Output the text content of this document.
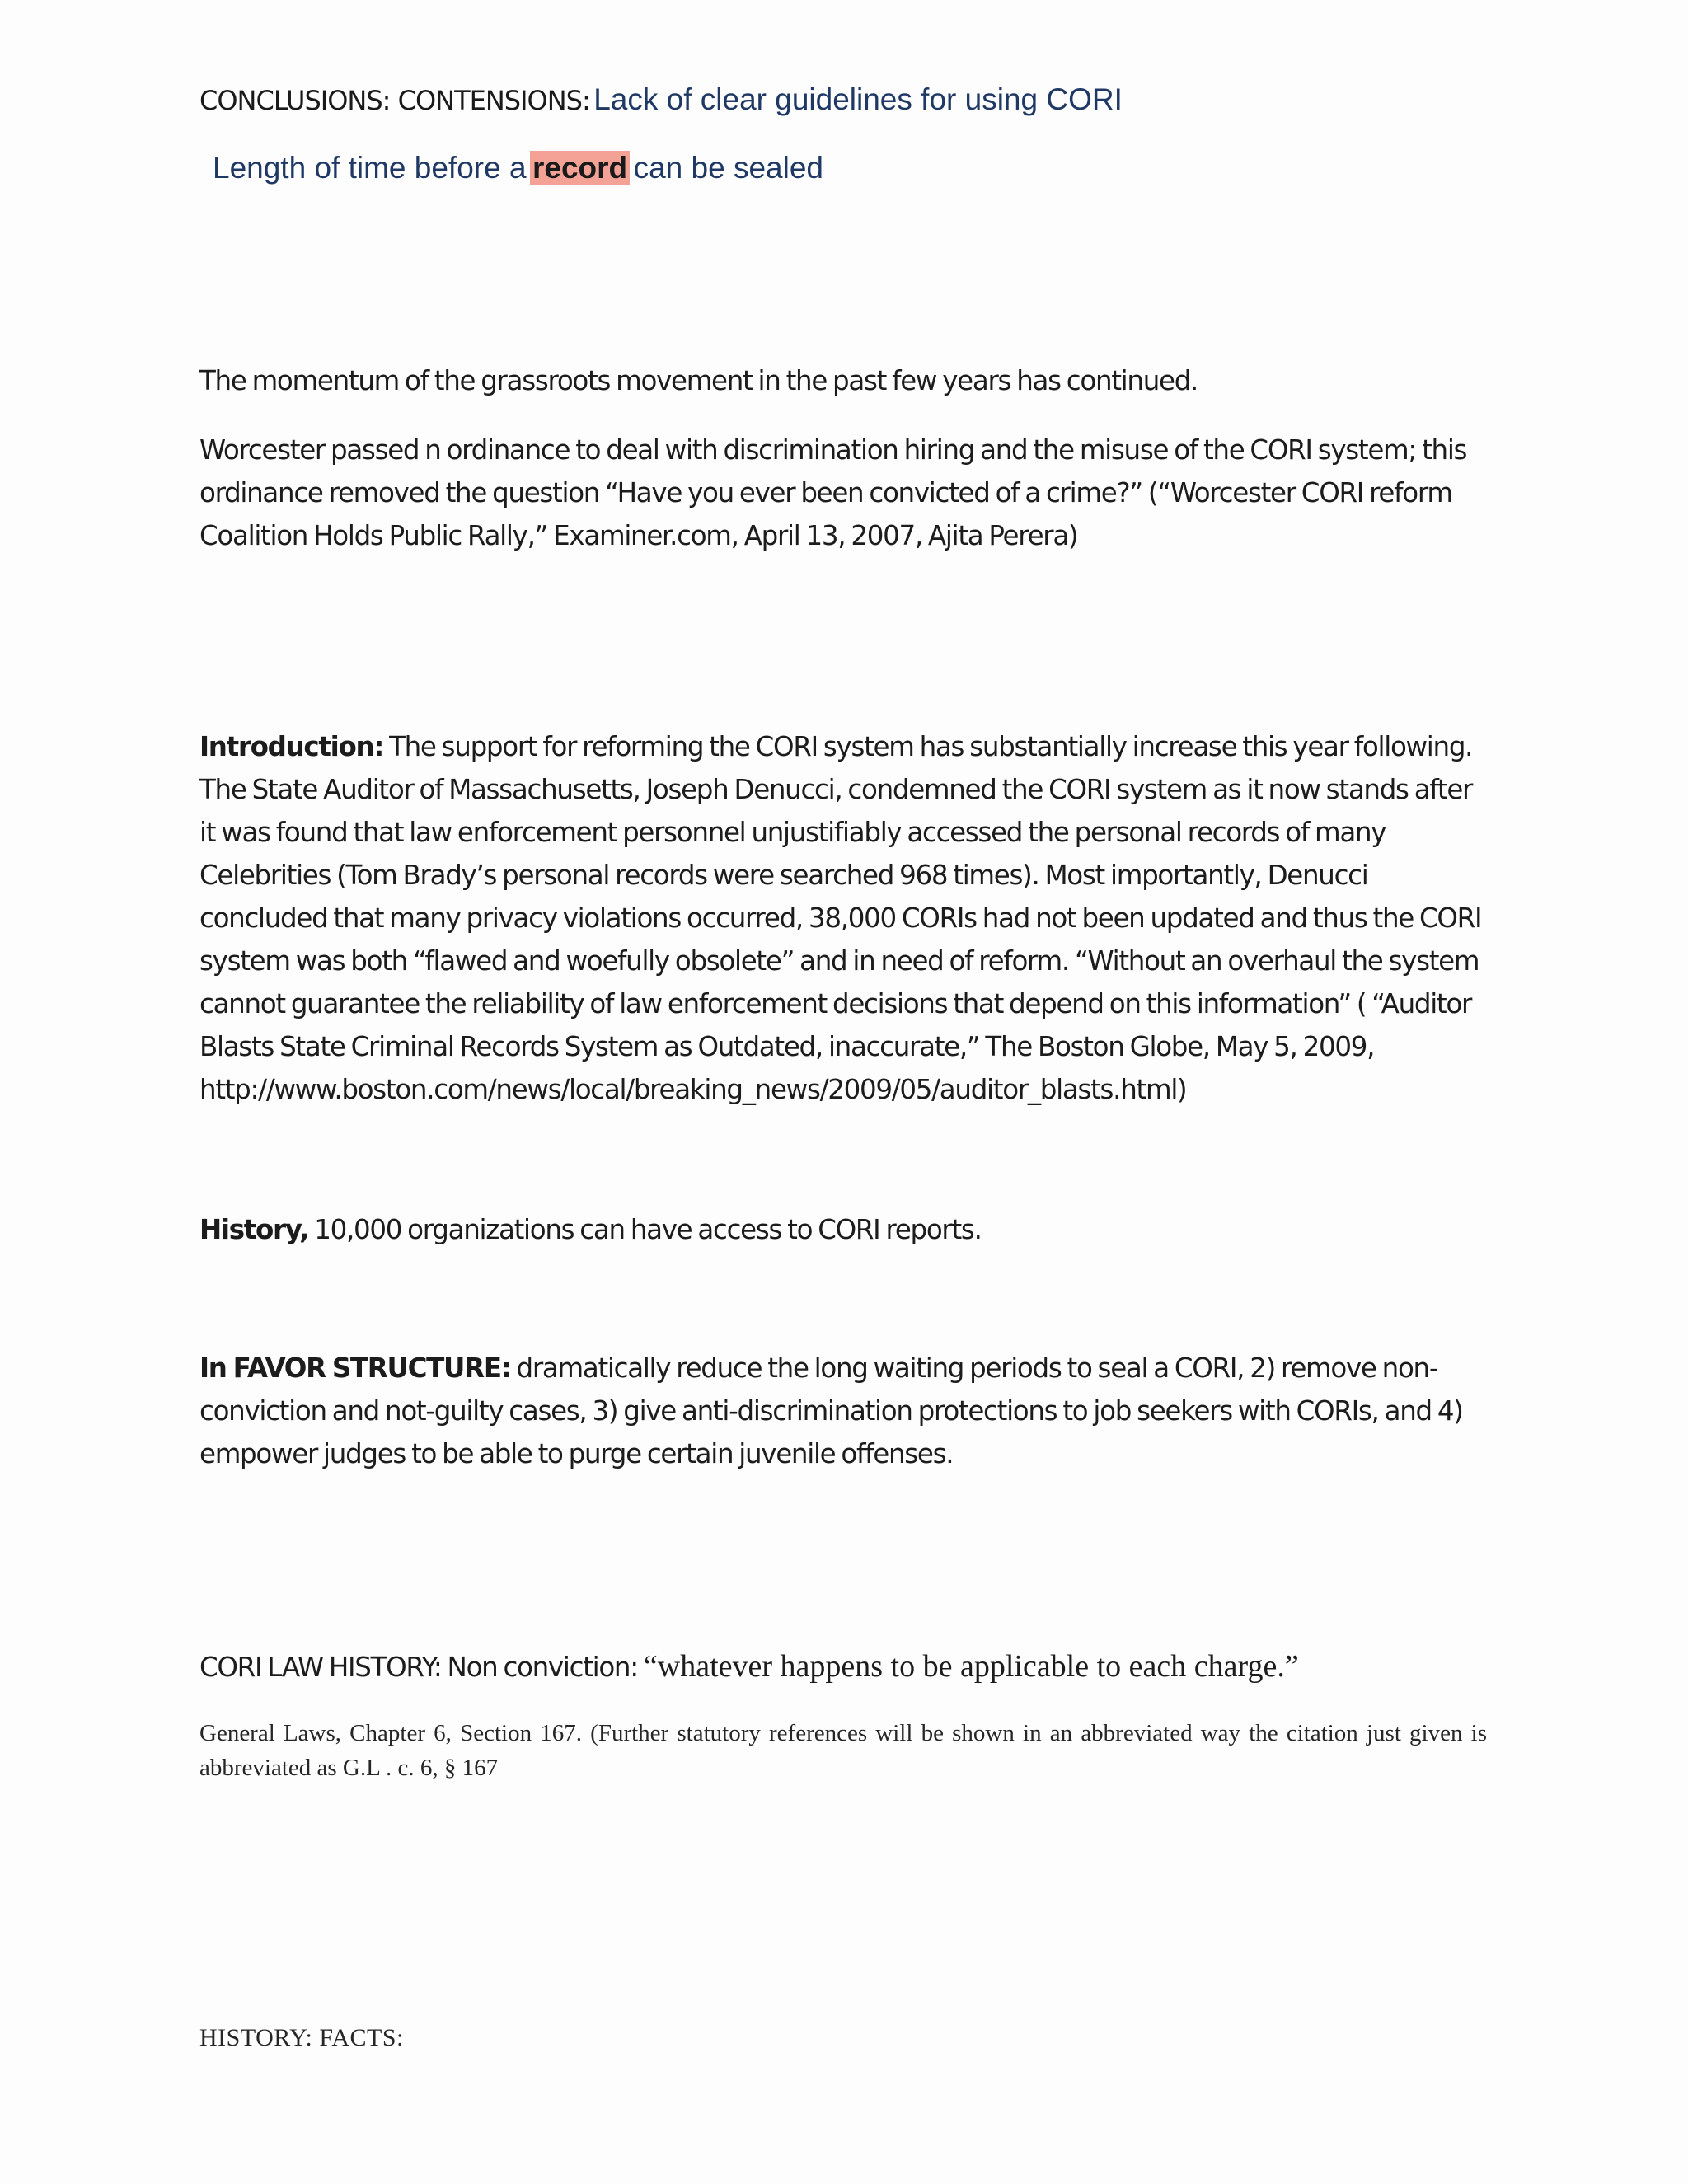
CONCLUSIONS: CONTENSIONS: Lack of clear guidelines for using CORI
Length of time before a record can be sealed

The momentum of the grassroots movement in the past few years has continued.

Worcester passed n ordinance to deal with discrimination hiring and the misuse of the CORI system; this ordinance removed the question “Have you ever been convicted of a crime?” (“Worcester CORI reform Coalition Holds Public Rally,” Examiner.com, April 13, 2007, Ajita Perera)

Introduction: The support for reforming the CORI system has substantially increase this year following. The State Auditor of Massachusetts, Joseph Denucci, condemned the CORI system as it now stands after it was found that law enforcement personnel unjustifiably accessed the personal records of many Celebrities (Tom Brady’s personal records were searched 968 times). Most importantly, Denucci concluded that many privacy violations occurred, 38,000 CORIs had not been updated and thus the CORI system was both “flawed and woefully obsolete” and in need of reform. “Without an overhaul the system cannot guarantee the reliability of law enforcement decisions that depend on this information” ( “Auditor Blasts State Criminal Records System as Outdated, inaccurate,” The Boston Globe, May 5, 2009, http://www.boston.com/news/local/breaking_news/2009/05/auditor_blasts.html)

History, 10,000 organizations can have access to CORI reports.

In FAVOR STRUCTURE: dramatically reduce the long waiting periods to seal a CORI, 2) remove non-conviction and not-guilty cases, 3) give anti-discrimination protections to job seekers with CORIs, and 4) empower judges to be able to purge certain juvenile offenses.

CORI LAW HISTORY: Non conviction: “whatever happens to be applicable to each charge.”

General Laws, Chapter 6, Section 167. (Further statutory references will be shown in an abbreviated way the citation just given is abbreviated as G.L . c. 6, § 167

HISTORY: FACTS:
